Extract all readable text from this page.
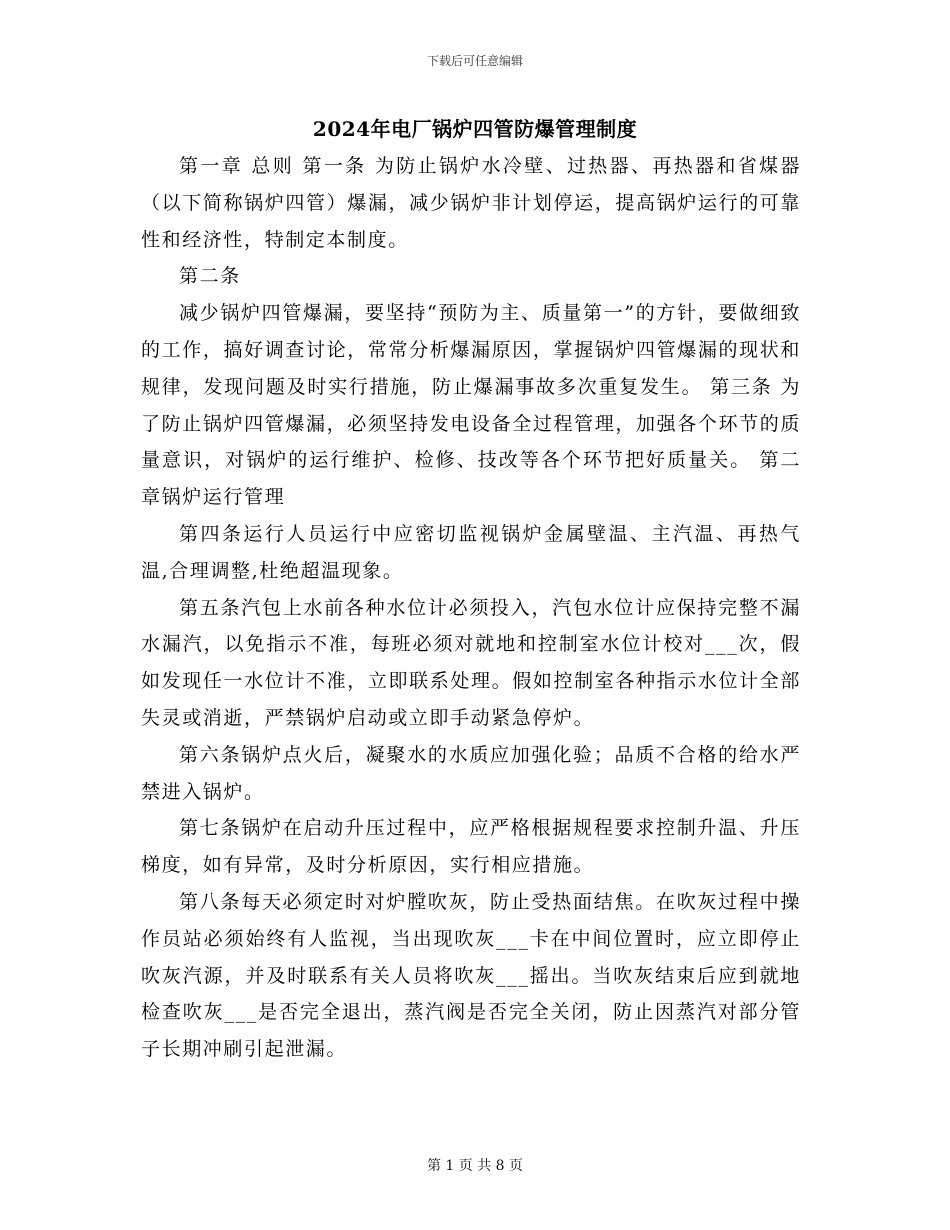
下载后可任意编辑
2024年电厂锅炉四管防爆管理制度

第一章 总则 第一条 为防止锅炉水冷壁、过热器、再热器和省煤器（以下简称锅炉四管）爆漏，减少锅炉非计划停运，提高锅炉运行的可靠性和经济性，特制定本制度。

第二条

减少锅炉四管爆漏，要坚持“预防为主、质量第一”的方针，要做细致的工作，搞好调查讨论，常常分析爆漏原因，掌握锅炉四管爆漏的现状和规律，发现问题及时实行措施，防止爆漏事故多次重复发生。 第三条 为了防止锅炉四管爆漏，必须坚持发电设备全过程管理，加强各个环节的质量意识，对锅炉的运行维护、检修、技改等各个环节把好质量关。 第二章锅炉运行管理

第四条运行人员运行中应密切监视锅炉金属壁温、主汽温、再热气温,合理调整,杜绝超温现象。

第五条汽包上水前各种水位计必须投入，汽包水位计应保持完整不漏水漏汽，以免指示不准，每班必须对就地和控制室水位计校对___次，假如发现任一水位计不准，立即联系处理。假如控制室各种指示水位计全部失灵或消逝，严禁锅炉启动或立即手动紧急停炉。

第六条锅炉点火后，凝聚水的水质应加强化验；品质不合格的给水严禁进入锅炉。

第七条锅炉在启动升压过程中，应严格根据规程要求控制升温、升压梯度，如有异常，及时分析原因，实行相应措施。

第八条每天必须定时对炉膛吹灰，防止受热面结焦。在吹灰过程中操作员站必须始终有人监视，当出现吹灰___卡在中间位置时，应立即停止吹灰汽源，并及时联系有关人员将吹灰___摇出。当吹灰结束后应到就地检查吹灰___是否完全退出，蒸汽阀是否完全关闭，防止因蒸汽对部分管子长期冲刷引起泄漏。

第 1 页 共 8 页
